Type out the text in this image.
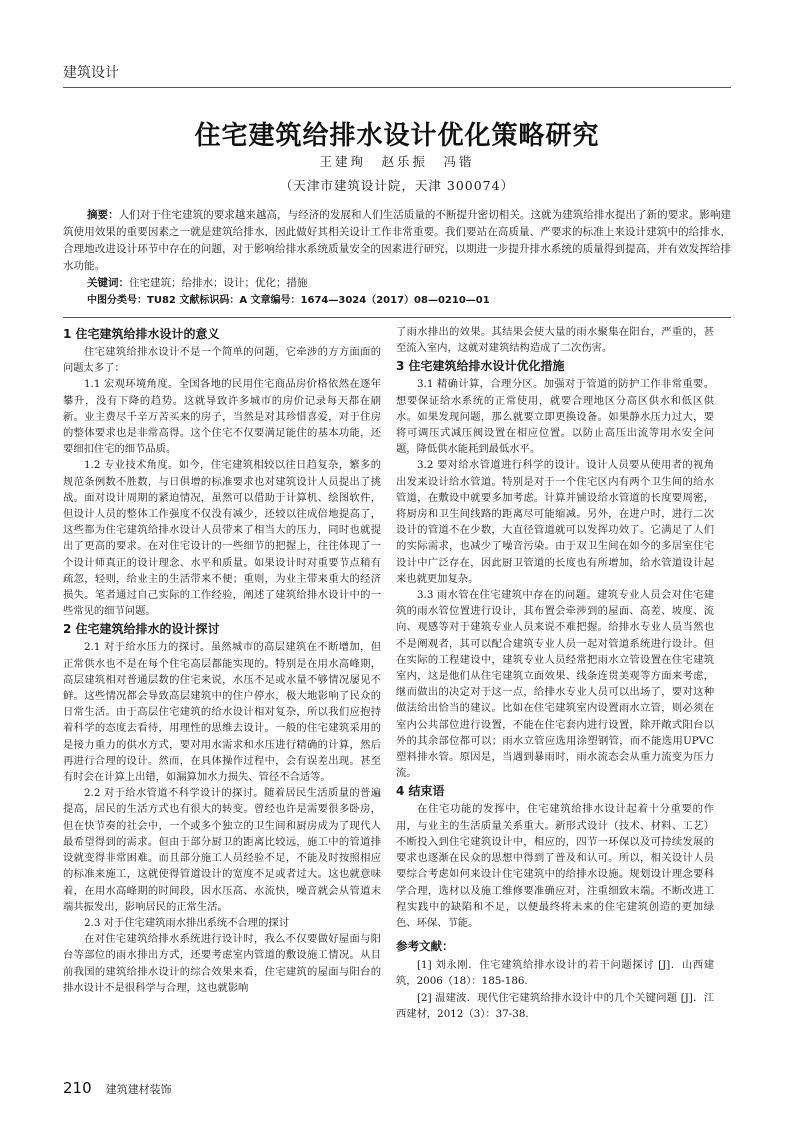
建筑设计
住宅建筑给排水设计优化策略研究
王建珣　赵乐振　冯锴
（天津市建筑设计院，天津 300074）

摘要：人们对于住宅建筑的要求越来越高，与经济的发展和人们生活质量的不断提升密切相关。这就为建筑给排水提出了新的要求。影响建筑使用效果的重要因素之一就是建筑给排水，因此做好其相关设计工作非常重要。我们要站在高质量、严要求的标准上来设计建筑中的给排水，合理地改进设计环节中存在的问题，对于影响给排水系统质量安全的因素进行研究，以期进一步提升排水系统的质量得到提高，并有效发挥给排水功能。

关键词：住宅建筑；给排水；设计；优化；措施

中图分类号：TU82 文献标识码：A 文章编号：1674—3024（2017）08—0210—01

1 住宅建筑给排水设计的意义

住宅建筑给排水设计不是一个简单的问题，它牵涉的方方面面的问题太多了：

1.1 宏观环境角度。全国各地的民用住宅商品房价格依然在逐年攀升，没有下降的趋势。这就导致许多城市的房价记录每天都在刷新。业主费尽千辛万苦买来的房子，当然是对其珍惜喜爱，对于住房的整体要求也是非常高得。这个住宅不仅要满足能住的基本功能，还要细扣住宅的细节品质。

1.2 专业技术角度。如今，住宅建筑相较以往日趋复杂，繁多的规范条例数不胜数，与日俱增的标准要求也对建筑设计人员提出了挑战。面对设计周期的紧迫情况，虽然可以借助于计算机、绘图软件，但设计人员的整体工作强度不仅没有减少，还较以往成倍地提高了，这些都为住宅建筑给排水设计人员带来了相当大的压力，同时也就提出了更高的要求。在对住宅设计的一些细节的把握上，往往体现了一个设计师真正的设计理念、水平和质量。如果设计时对重要节点稍有疏忽，轻则，给业主的生活带来不便；重则，为业主带来重大的经济损失。笔者通过自己实际的工作经验，阐述了建筑给排水设计中的一些常见的细节问题。

2 住宅建筑给排水的设计探讨

2.1 对于给水压力的探讨。虽然城市的高层建筑在不断增加，但正常供水也不是在每个住宅高层都能实现的。特别是在用水高峰期，高层建筑相对普通层数的住宅来说，水压不足或水量不够情况屡见不鲜。这些情况都会导致高层建筑中的住户停水，极大地影响了民众的日常生活。由于高层住宅建筑的给水设计相对复杂，所以我们应抱持着科学的态度去看待，用理性的思维去设计。一般的住宅建筑采用的是接力重力的供水方式，要对用水需求和水压进行精确的计算，然后再进行合理的设计。然而，在具体操作过程中，会有误差出现。甚至有时会在计算上出错，如漏算加水力损失、管径不合适等。

2.2 对于给水管道不科学设计的探讨。随着居民生活质量的普遍提高，居民的生活方式也有很大的转变。曾经也许是需要很多卧房，但在快节奏的社会中，一个或多个独立的卫生间和厨房成为了现代人最希望得到的需求。但由于部分厨卫的距离比较远，施工中的管道排设就变得非常困难。而且部分施工人员经验不足，不能及时按照相应的标准来施工，这就使得管道设计的宽度不足或者过大。这也就意味着，在用水高峰期的时间段，因水压高、水流快，噪音就会从管道末端共振发出，影响居民的正常生活。

2.3 对于住宅建筑雨水排出系统不合理的探讨

在对住宅建筑给排水系统进行设计时，我么不仅要做好屋面与阳台等部位的雨水排出方式，还要考虑室内管道的敷设施工情况。从目前我国的建筑给排水设计的综合效果来看，住宅建筑的屋面与阳台的排水设计不是很科学与合理，这也就影响

了雨水排出的效果。其结果会使大量的雨水聚集在阳台，严重的，甚至流入室内，这就对建筑结构造成了二次伤害。

3 住宅建筑给排水设计优化措施

3.1 精确计算，合理分区。加强对于管道的防护工作非常重要。想要保证给水系统的正常使用，就要合理地区分高区供水和低区供水。如果发现问题，那么就要立即更换设备。如果静水压力过大，要将可调压式减压阀设置在相应位置。以防止高压出流等用水安全问题，降低供水能耗到最低水平。

3.2 要对给水管道进行科学的设计。设计人员要从使用者的视角出发来设计给水管道。特别是对于一个住宅区内有两个卫生间的给水管道，在敷设中就要多加考虑。计算并铺设给水管道的长度要周密，将厨房和卫生间线路的距离尽可能缩减。另外，在进户时，进行二次设计的管道不在少数，大直径管道就可以发挥功效了。它满足了人们的实际需求，也减少了噪音污染。由于双卫生间在如今的多居室住宅设计中广泛存在，因此厨卫管道的长度也有所增加，给水管道设计起来也就更加复杂。

3.3 雨水管在住宅建筑中存在的问题。建筑专业人员会对住宅建筑的雨水管位置进行设计，其布置会牵涉到的屋面、高差、坡度、流向、观感等对于建筑专业人员来说不难把握。给排水专业人员当然也不是阐观者，其可以配合建筑专业人员一起对管道系统进行设计。但在实际的工程建设中，建筑专业人员经常把雨水立管设置在住宅建筑室内，这是他们从住宅建筑立面效果、线条连贯美观等方面来考虑，继而做出的决定对于这一点，给排水专业人员可以出场了，要对这种做法给出恰当的建议。比如在住宅建筑室内设置雨水立管，则必须在室内公共部位进行设置，不能在住宅套内进行设置，除开敞式阳台以外的其余部位都可以；雨水立管应选用涂塑钢管，而不能选用UPVC塑料排水管。原因是，当遇到暴雨时，雨水流态会从重力流变为压力流。

4 结束语

在住宅功能的发挥中，住宅建筑给排水设计起着十分重要的作用，与业主的生活质量关系重大。新形式设计（技术、材料、工艺）不断投入到住宅建筑设计中，相应的，四节一环保以及可持续发展的要求也逐渐在民众的思想中得到了普及和认可。所以，相关设计人员要综合考虑如何来设计住宅建筑中的给排水设施。规划设计理念要科学合理，选材以及施工维修要准确应对，注重细致末端。不断改进工程实践中的缺陷和不足，以便最终将未来的住宅建筑创造的更加绿色、环保、节能。

参考文献：

[1] 刘永刚．住宅建筑给排水设计的若干问题探讨 [J]．山西建筑，2006（18）：185-186.

[2] 温建波．现代住宅建筑给排水设计中的几个关键问题 [J]．江西建材，2012（3）：37-38.

210 建筑建材装饰
